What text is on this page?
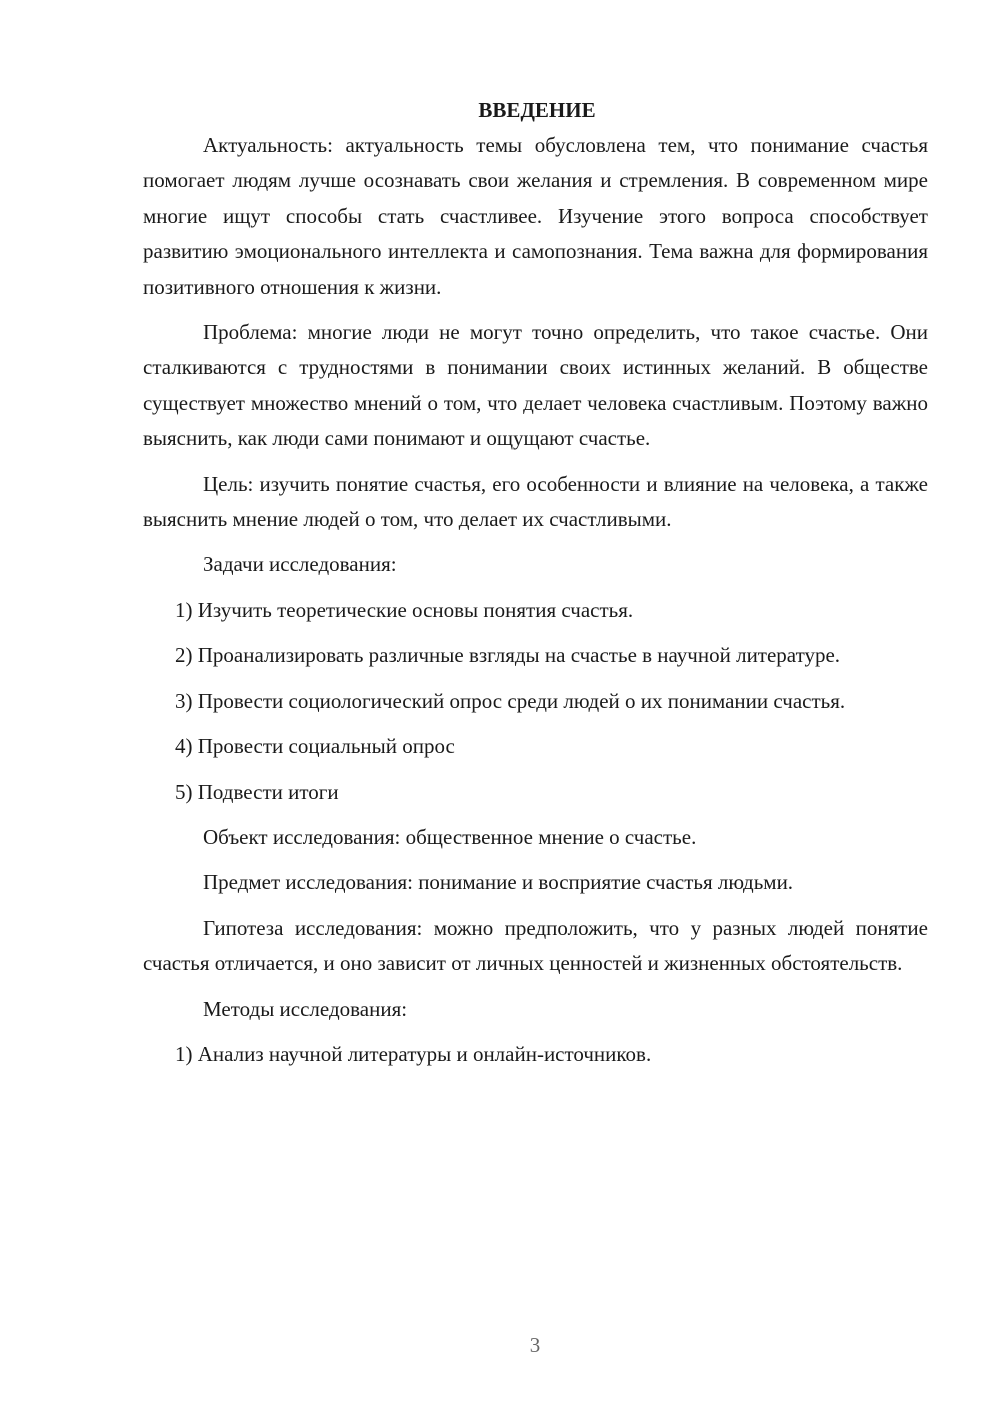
ВВЕДЕНИЕ

Актуальность: актуальность темы обусловлена тем, что понимание счастья помогает людям лучше осознавать свои желания и стремления. В современном мире многие ищут способы стать счастливее. Изучение этого вопроса способствует развитию эмоционального интеллекта и самопознания. Тема важна для формирования позитивного отношения к жизни.

Проблема: многие люди не могут точно определить, что такое счастье. Они сталкиваются с трудностями в понимании своих истинных желаний. В обществе существует множество мнений о том, что делает человека счастливым. Поэтому важно выяснить, как люди сами понимают и ощущают счастье.

Цель: изучить понятие счастья, его особенности и влияние на человека, а также выяснить мнение людей о том, что делает их счастливыми.

Задачи исследования:

1) Изучить теоретические основы понятия счастья.

2) Проанализировать различные взгляды на счастье в научной литературе.

3) Провести социологический опрос среди людей о их понимании счастья.

4) Провести социальный опрос

5) Подвести итоги

Объект исследования: общественное мнение о счастье.

Предмет исследования: понимание и восприятие счастья людьми.

Гипотеза исследования: можно предположить, что у разных людей понятие счастья отличается, и оно зависит от личных ценностей и жизненных обстоятельств.

Методы исследования:

1) Анализ научной литературы и онлайн-источников.

3
